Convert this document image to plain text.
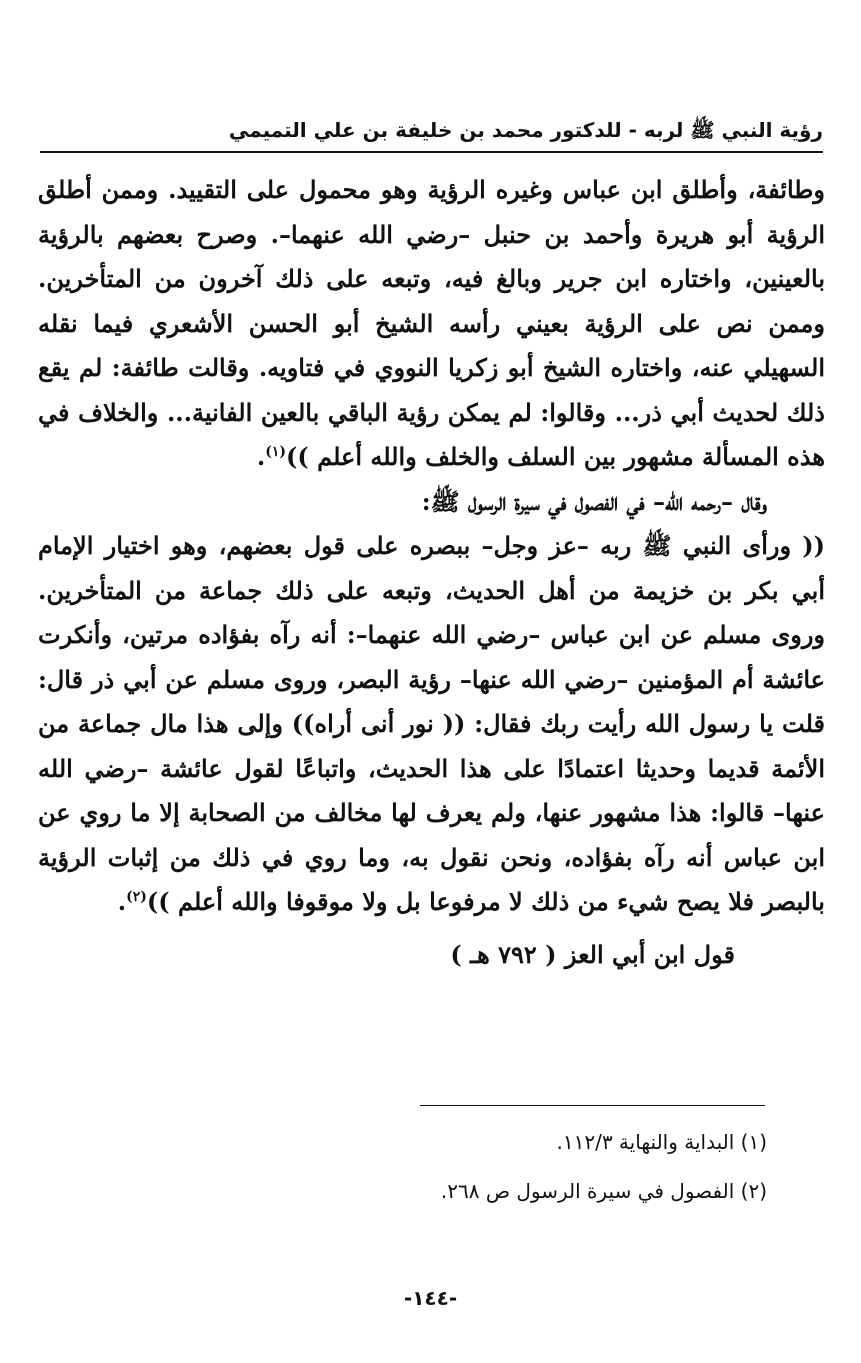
رؤية النبي ﷺ لربه - للدكتور محمد بن خليفة بن علي التميمي

وطائفة، وأطلق ابن عباس وغيره الرؤية وهو محمول على التقييد. وممن أطلق الرؤية أبو هريرة وأحمد بن حنبل –رضي الله عنهما–. وصرح بعضهم بالرؤية بالعينين، واختاره ابن جرير وبالغ فيه، وتبعه على ذلك آخرون من المتأخرين. وممن نص على الرؤية بعيني رأسه الشيخ أبو الحسن الأشعري فيما نقله السهيلي عنه، واختاره الشيخ أبو زكريا النووي في فتاويه. وقالت طائفة: لم يقع ذلك لحديث أبي ذر... وقالوا: لم يمكن رؤية الباقي بالعين الفانية... والخلاف في هذه المسألة مشهور بين السلف والخلف والله أعلم ))$^{(١)}$.

وقال –رحمه الله– في الفصول في سيرة الرسول ﷺ:

(( ورأى النبي ﷺ ربه –عز وجل– ببصره على قول بعضهم، وهو اختيار الإمام أبي بكر بن خزيمة من أهل الحديث، وتبعه على ذلك جماعة من المتأخرين. وروى مسلم عن ابن عباس –رضي الله عنهما–: أنه رآه بفؤاده مرتين، وأنكرت عائشة أم المؤمنين –رضي الله عنها– رؤية البصر، وروى مسلم عن أبي ذر قال: قلت يا رسول الله رأيت ربك فقال: (( نور أنى أراه)) وإلى هذا مال جماعة من الأئمة قديما وحديثا اعتمادًا على هذا الحديث، واتباعًا لقول عائشة –رضي الله عنها– قالوا: هذا مشهور عنها، ولم يعرف لها مخالف من الصحابة إلا ما روي عن ابن عباس أنه رآه بفؤاده، ونحن نقول به، وما روي في ذلك من إثبات الرؤية بالبصر فلا يصح شيء من ذلك لا مرفوعا بل ولا موقوفا والله أعلم ))$^{(٢)}$.

قول ابن أبي العز ( ٧٩٢ هـ )

(١) البداية والنهاية ١١٢/٣.

(٢) الفصول في سيرة الرسول ص ٢٦٨.

-١٤٤-
